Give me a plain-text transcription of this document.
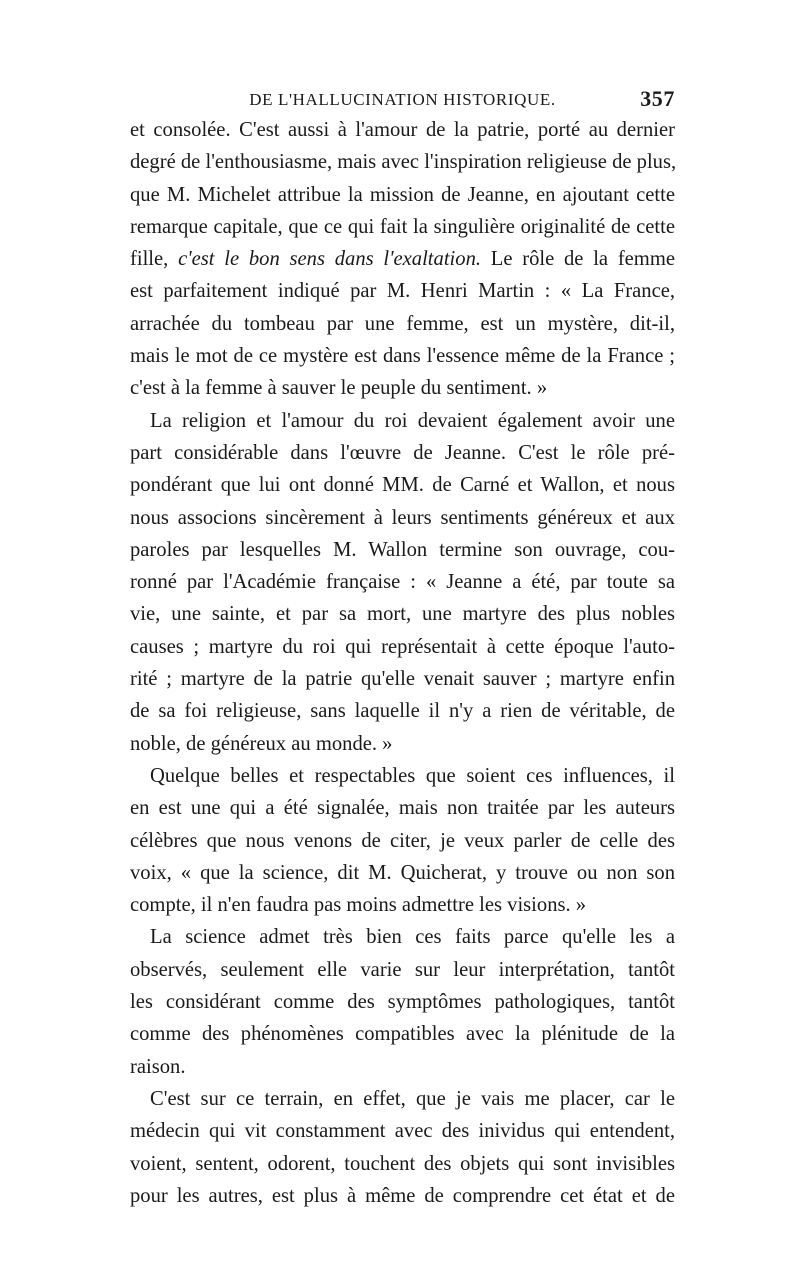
DE L'HALLUCINATION HISTORIQUE.	357
et consolée. C'est aussi à l'amour de la patrie, porté au dernier
degré de l'enthousiasme, mais avec l'inspiration religieuse de plus,
que M. Michelet attribue la mission de Jeanne, en ajoutant cette
remarque capitale, que ce qui fait la singulière originalité de cette
fille, c'est le bon sens dans l'exaltation. Le rôle de la femme
est parfaitement indiqué par M. Henri Martin : « La France,
arrachée du tombeau par une femme, est un mystère, dit-il,
mais le mot de ce mystère est dans l'essence même de la France ;
c'est à la femme à sauver le peuple du sentiment. »
La religion et l'amour du roi devaient également avoir une
part considérable dans l'œuvre de Jeanne. C'est le rôle pré-
pondérant que lui ont donné MM. de Carné et Wallon, et nous
nous associons sincèrement à leurs sentiments généreux et aux
paroles par lesquelles M. Wallon termine son ouvrage, cou-
ronné par l'Académie française : « Jeanne a été, par toute sa
vie, une sainte, et par sa mort, une martyre des plus nobles
causes ; martyre du roi qui représentait à cette époque l'auto-
rité ; martyre de la patrie qu'elle venait sauver ; martyre enfin
de sa foi religieuse, sans laquelle il n'y a rien de véritable, de
noble, de généreux au monde. »
Quelque belles et respectables que soient ces influences, il
en est une qui a été signalée, mais non traitée par les auteurs
célèbres que nous venons de citer, je veux parler de celle des
voix, « que la science, dit M. Quicherat, y trouve ou non son
compte, il n'en faudra pas moins admettre les visions. »
La science admet très bien ces faits parce qu'elle les a
observés, seulement elle varie sur leur interprétation, tantôt
les considérant comme des symptômes pathologiques, tantôt
comme des phénomènes compatibles avec la plénitude de la
raison.
C'est sur ce terrain, en effet, que je vais me placer, car le
médecin qui vit constamment avec des inividus qui entendent,
voient, sentent, odorent, touchent des objets qui sont invisibles
pour les autres, est plus à même de comprendre cet état et de
